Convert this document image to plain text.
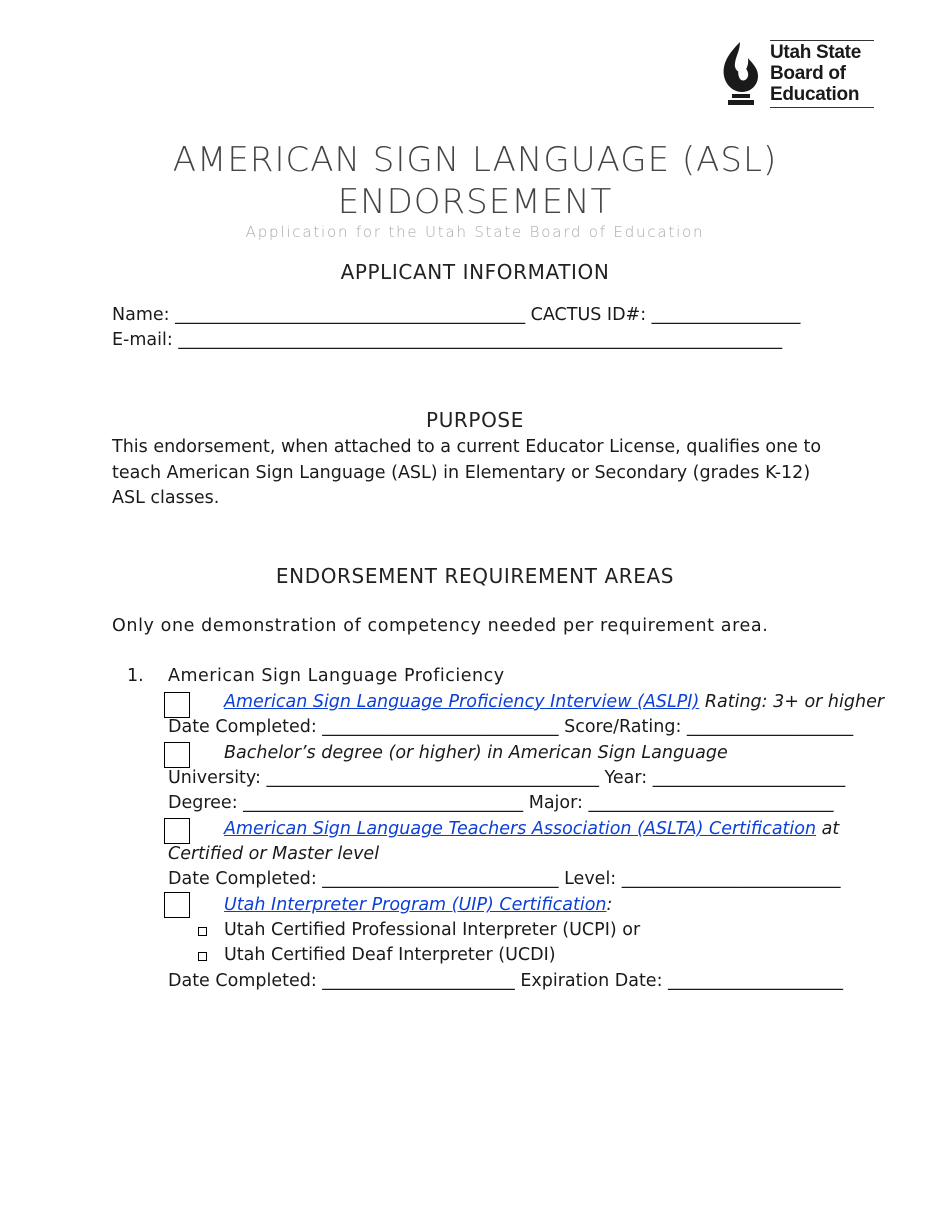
Utah State
Board of
Education
AMERICAN SIGN LANGUAGE (ASL)
ENDORSEMENT
Application for the Utah State Board of Education
APPLICANT INFORMATION
Name: ________________________________________ CACTUS ID#: _________________
E-mail: _____________________________________________________________________
PURPOSE
This endorsement, when attached to a current Educator License, qualifies one to teach American Sign Language (ASL) in Elementary or Secondary (grades K-12) ASL classes.
ENDORSEMENT REQUIREMENT AREAS
Only one demonstration of competency needed per requirement area.
1. American Sign Language Proficiency
American Sign Language Proficiency Interview (ASLPI) Rating: 3+ or higher
Date Completed: ___________________________ Score/Rating: ___________________
Bachelor’s degree (or higher) in American Sign Language
University: ______________________________________ Year: ______________________
Degree: ________________________________ Major: ____________________________
American Sign Language Teachers Association (ASLTA) Certification at
Certified or Master level
Date Completed: ___________________________ Level: _________________________
Utah Interpreter Program (UIP) Certification:
Utah Certified Professional Interpreter (UCPI) or
Utah Certified Deaf Interpreter (UCDI)
Date Completed: ______________________ Expiration Date: ____________________
